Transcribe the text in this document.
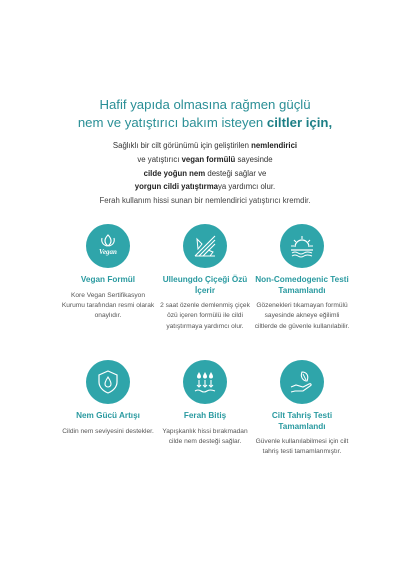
Hafif yapıda olmasına rağmen güçlü
nem ve yatıştırıcı bakım isteyen ciltler için,
Sağlıklı bir cilt görünümü için geliştirilen nemlendirici
ve yatıştırıcı vegan formülü sayesinde
cilde yoğun nem desteği sağlar ve
yorgun cildi yatıştırmaya yardımcı olur.
Ferah kullanım hissi sunan bir nemlendirici yatıştırıcı kremdir.
Vegan
Vegan Formül
Kore Vegan Sertifikasyon Kurumu tarafından resmi olarak onaylıdır.
Ulleungdo Çiçeği Özü İçerir
2 saat özenle demlenmiş çiçek özü içeren formülü ile cildi yatıştırmaya yardımcı olur.
Non-Comedogenic Testi Tamamlandı
Gözenekleri tıkamayan formülü sayesinde akneye eğilimli ciltlerde de güvenle kullanılabilir.
Nem Gücü Artışı
Cildin nem seviyesini destekler.
Ferah Bitiş
Yapışkanlık hissi bırakmadan cilde nem desteği sağlar.
Cilt Tahriş Testi Tamamlandı
Güvenle kullanılabilmesi için cilt tahriş testi tamamlanmıştır.
